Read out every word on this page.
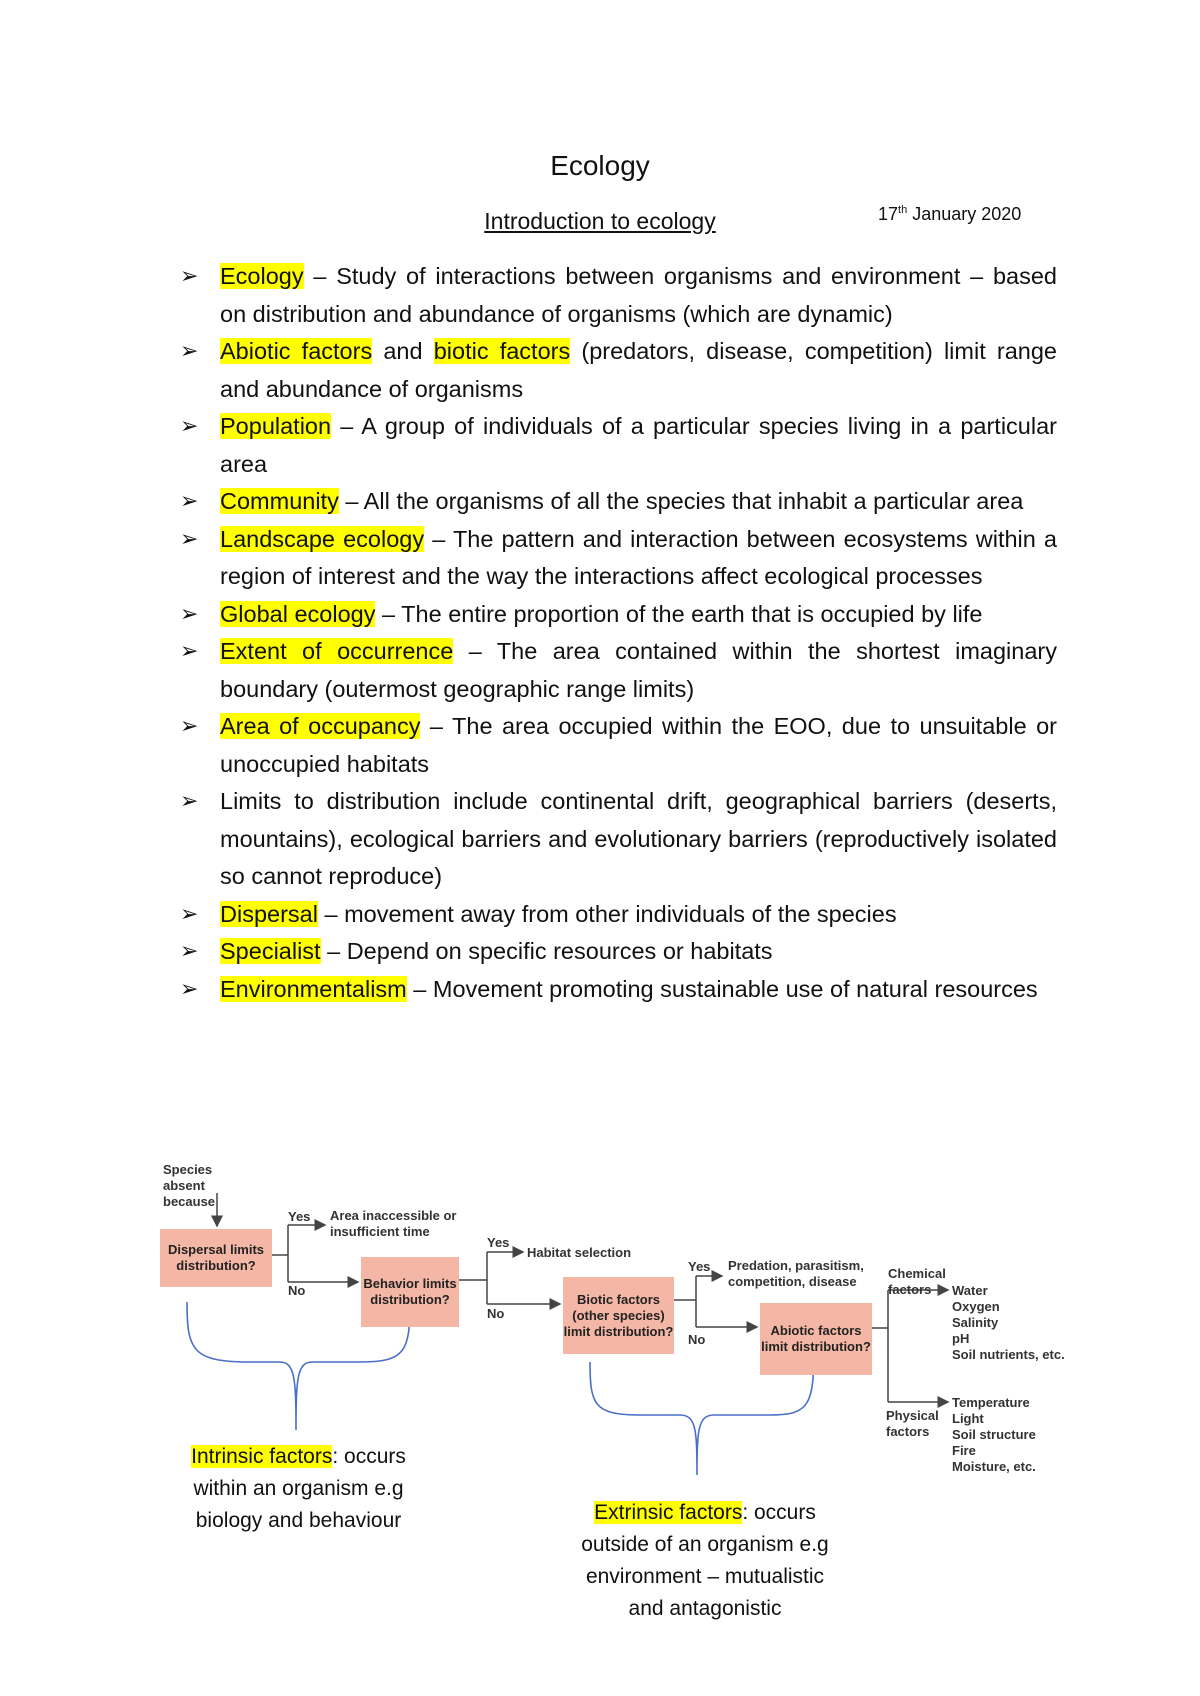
Ecology
Introduction to ecology	17th January 2020
➢ Ecology – Study of interactions between organisms and environment – based on distribution and abundance of organisms (which are dynamic)
➢ Abiotic factors and biotic factors (predators, disease, competition) limit range and abundance of organisms
➢ Population – A group of individuals of a particular species living in a particular area
➢ Community – All the organisms of all the species that inhabit a particular area
➢ Landscape ecology – The pattern and interaction between ecosystems within a region of interest and the way the interactions affect ecological processes
➢ Global ecology – The entire proportion of the earth that is occupied by life
➢ Extent of occurrence – The area contained within the shortest imaginary boundary (outermost geographic range limits)
➢ Area of occupancy – The area occupied within the EOO, due to unsuitable or unoccupied habitats
➢ Limits to distribution include continental drift, geographical barriers (deserts, mountains), ecological barriers and evolutionary barriers (reproductively isolated so cannot reproduce)
➢ Dispersal – movement away from other individuals of the species
➢ Specialist – Depend on specific resources or habitats
➢ Environmentalism – Movement promoting sustainable use of natural resources
Species absent because
Dispersal limits distribution?
Yes Area inaccessible or insufficient time
No	Behavior limits distribution?
Yes
Habitat selection
No
Biotic factors (other species) limit distribution?
Yes Predation, parasitism, competition, disease
No
Abiotic factors limit distribution?
Chemical factors	Water
Oxygen
Salinity
pH
Soil nutrients, etc.
Physical factors
Temperature
Light
Soil structure
Fire
Moisture, etc.
Intrinsic factors: occurs within an organism e.g biology and behaviour	Extrinsic factors: occurs outside of an organism e.g environment – mutualistic and antagonistic
